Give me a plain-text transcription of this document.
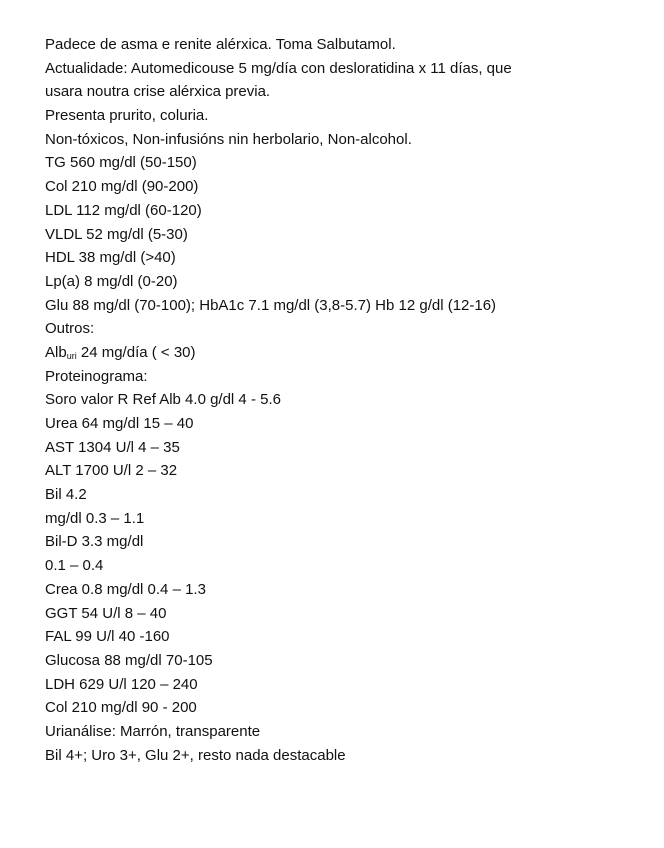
Padece de asma e renite alérxica. Toma Salbutamol.
Actualidade: Automedicouse 5 mg/día con desloratidina x 11 días, que
usara noutra crise alérxica previa.
Presenta prurito, coluria.
Non-tóxicos, Non-infusións nin herbolario, Non-alcohol.
TG 560 mg/dl (50-150)
Col 210 mg/dl (90-200)
LDL 112 mg/dl (60-120)
VLDL 52 mg/dl (5-30)
HDL 38 mg/dl (>40)
Lp(a) 8 mg/dl (0-20)
Glu 88 mg/dl (70-100); HbA1c 7.1 mg/dl (3,8-5.7) Hb 12 g/dl (12-16)
Outros:
Alb$_{uri}$ 24 mg/día ( < 30)
Proteinograma:
Soro valor R Ref Alb 4.0 g/dl 4 - 5.6
Urea 64 mg/dl 15 – 40
AST 1304 U/l 4 – 35
ALT 1700 U/l 2 – 32
Bil 4.2
mg/dl 0.3 – 1.1
Bil-D 3.3 mg/dl
0.1 – 0.4
Crea 0.8 mg/dl 0.4 – 1.3
GGT 54 U/l 8 – 40
FAL 99 U/l 40 -160
Glucosa 88 mg/dl 70-105
LDH 629 U/l 120 – 240
Col 210 mg/dl 90 - 200
Urianálise: Marrón, transparente
Bil 4+; Uro 3+, Glu 2+, resto nada destacable
